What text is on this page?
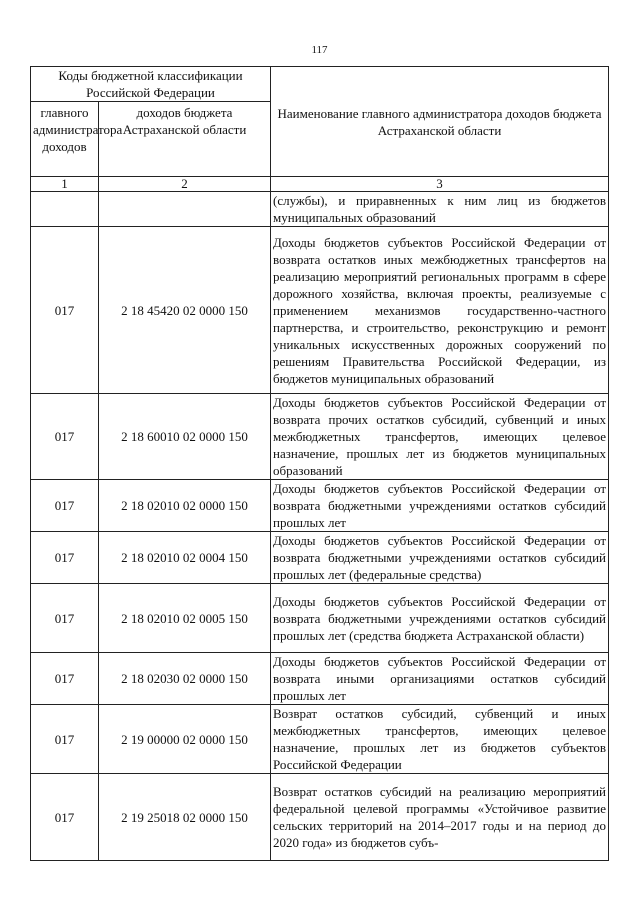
117
Коды бюджетной классификации Российской Федерации		Наименование главного администратора доходов бюджета Астраханской области
главного администратора доходов	доходов бюджета Астраханской области	
1	2	3
		(службы), и приравненных к ним лиц из бюджетов муниципальных образований
017	2 18 45420 02 0000 150	Доходы бюджетов субъектов Российской Федерации от возврата остатков иных межбюджетных трансфертов на реализацию мероприятий региональных программ в сфере дорожного хозяйства, включая проекты, реализуемые с применением механизмов государственно-частного партнерства, и строительство, реконструкцию и ремонт уникальных искусственных дорожных сооружений по решениям Правительства Российской Федерации, из бюджетов муниципальных образований
017	2 18 60010 02 0000 150	Доходы бюджетов субъектов Российской Федерации от возврата прочих остатков субсидий, субвенций и иных межбюджетных трансфертов, имеющих целевое назначение, прошлых лет из бюджетов муниципальных образований
017	2 18 02010 02 0000 150	Доходы бюджетов субъектов Российской Федерации от возврата бюджетными учреждениями остатков субсидий прошлых лет
017	2 18 02010 02 0004 150	Доходы бюджетов субъектов Российской Федерации от возврата бюджетными учреждениями остатков субсидий прошлых лет (федеральные средства)
017	2 18 02010 02 0005 150	Доходы бюджетов субъектов Российской Федерации от возврата бюджетными учреждениями остатков субсидий прошлых лет (средства бюджета Астраханской области)
017	2 18 02030 02 0000 150	Доходы бюджетов субъектов Российской Федерации от возврата иными организациями остатков субсидий прошлых лет
017	2 19 00000 02 0000 150	Возврат остатков субсидий, субвенций и иных межбюджетных трансфертов, имеющих целевое назначение, прошлых лет из бюджетов субъектов Российской Федерации
017	2 19 25018 02 0000 150	Возврат остатков субсидий на реализацию мероприятий федеральной целевой программы «Устойчивое развитие сельских территорий на 2014–2017 годы и на период до 2020 года» из бюджетов субъ-
